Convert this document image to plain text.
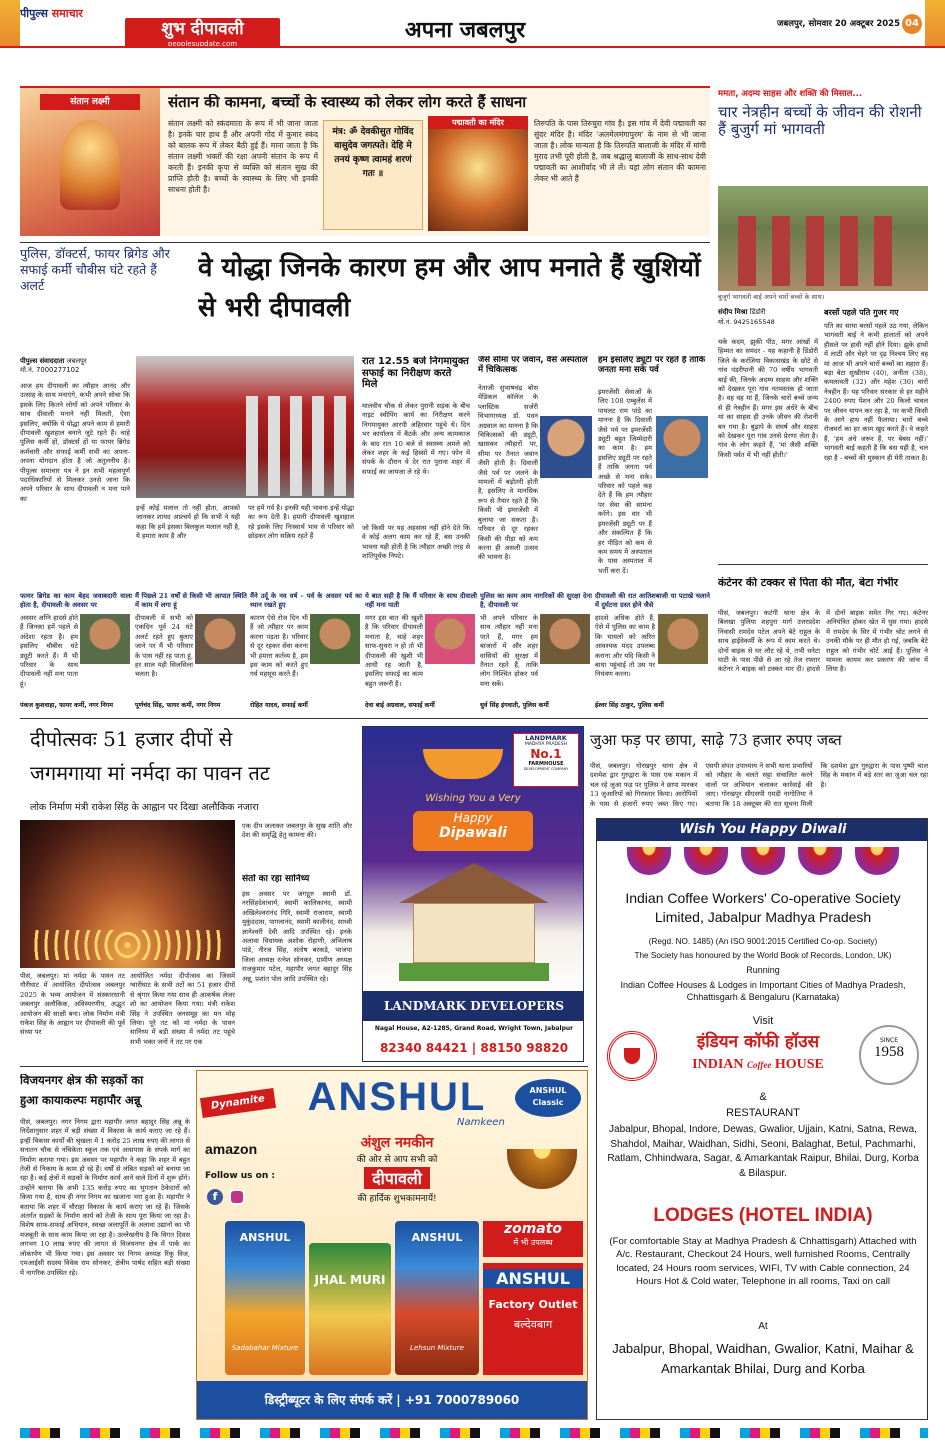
पीपुल्स समाचार
शुभ दीपावली
peoplesupdate.com
अपना जबलपुर	जबलपुर, सोमवार 20 अक्टूबर 2025 04
संतान लक्ष्मी	संतान की कामना, बच्चों के स्वास्थ्य को लेकर लोग करते हैं साधना
संतान लक्ष्मी को स्कंदमाता के रूप में भी जाना जाता है। इनके चार हाथ हैं और अपनी गोद में कुमार स्कंद को बालक रूप में लेकर बैठी हुई हैं। माना जाता है कि संतान लक्ष्मी भक्तों की रक्षा अपनी संतान के रूप में करती हैं। इनकी कृपा से व्यक्ति को संतान सुख की प्राप्ति होती है। बच्चों के स्वास्थ्य के लिए भी इनकी साधना होती है।
मंत्र: ॐ देवकीसुत गोविंद वासुदेव जगत्पते। देहि मे तनयं कृष्ण त्वामहं शरणं गतः ॥
पद्मावती का मंदिर	तिरुपति के पास तिरुचुरा गांव है। इस गांव में देवी पद्मावती का सुंदर मंदिर है। मंदिर 'अलमेलमंगापुरम' के नाम से भी जाना जाता है। लोक मान्यता है कि तिरुपति बालाजी के मंदिर में मांगी मुराद तभी पूरी होती है, जब श्रद्धालु बालाजी के साथ-साथ देवी पद्मावती का आशीर्वाद भी ले लें। यहां लोग संतान की कामना लेकर भी आते हैं
ममता, अदम्य साहस और शक्ति की मिसाल...
चार नेत्रहीन बच्चों के जीवन की रोशनी हैं बुजुर्ग मां भागवती
बुजुर्ग भागवती बाई अपने चारों बच्चों के साथ।
संदीप मिश्रा डिंडोरी
मो.नं. 9425165548
थके कदम, झुकी पीठ, मगर आंखों में हिम्मत का समंदर - यह कहानी है डिंडोरी जिले के करंजिया विकासखंड के छोटे से गांव पंडरीपानी की 70 वर्षीय भागवती बाई की, जिनके अदम्य साहस और शक्ति को देखकर पूरा गांव नतमस्तक हो जाता है। वह वह मां हैं, जिनके चारों बच्चे जन्म से ही नेत्रहीन हैं। मगर इस अंधेरे के बीच मां का साहस ही उनके जीवन की रोशनी बन गया है। बुढ़ापे के संघर्ष और साहस को देखकर पूरा गांव उनसे प्रेरणा लेता है। गांव के लोग कहते हैं, 'मां जैसी शक्ति किसी पर्वत में भी नहीं होती।'
बरसों पहले पति गुजर गए
पति का साया बरसों पहले उठ गया, लेकिन भागवती बाई ने कभी हालातों को अपने हौसले पर हावी नहीं होने दिया। झुके हाथों में लाठी और चेहरे पर दृढ़ निश्चय लिए वह मां आज भी अपने चारों बच्चों का सहारा हैं। बड़ा बेटा सुखीराम (40), अनीता (38), कमलावती (32) और महेश (30) चारों नेत्रहीन हैं। यह परिवार सरकार से हर महीने 2400 रुपए पेंशन और 20 किलो चावल पर जीवन यापन कर रहा है, पर कभी किसी के आगे हाथ नहीं फैलाया। चारों बच्चे रोजमर्रा का हर काम खुद करते हैं। वे कहते हैं, 'हम अंधे जरूर हैं, पर बेबस नहीं।' भागवती बाई कहती हैं कि बस यही है, चल रहा है - बच्चों की मुस्कान ही मेरी ताकत है।
पुलिस, डॉक्टर्स, फायर ब्रिगेड और सफाई कर्मी चौबीस घंटे रहते हैं अलर्ट
वे योद्धा जिनके कारण हम और आप मनाते हैं खुशियों से भरी दीपावली
पीपुल्स संवाददाता जबलपुर
मो.नं. 7000277102
आज हम दीपावली का त्यौहार आनंद और उत्साह के साथ मनाएंगे, कभी अपने सोचा कि इसके लिए कितने लोगों को अपने परिवार के साथ दीवाली मनाने नहीं मिलती, ऐसा इसलिए, क्योंकि ये योद्धा अपने काम से हमारी दीपावली खुशहाल बनाने जुटे रहते हैं। चाहे पुलिस कर्मी हों, डॉक्टर्स हों या फायर ब्रिगेड कर्मचारी और सफाई कर्मी सभी का अपना-अपना योगदान होता है जो अतुलनीय है। पीपुल्स समाचार पत्र ने इन सभी महत्वपूर्ण पदाधिकारियों से मिलकर उनसे जाना कि अपने परिवार के साथ दीपावली न मना पाने का
इन्हें कोई मलाल तो नहीं होता, आपको जानकर शायद आश्चर्य हो कि सभी ने यही कहा कि हमें इसका बिलकुल मलाल नहीं है, ये हमारा काम है और
पर हमें गर्व है। इनकी यही भावना इन्हें योद्धा का रूप देती है। हमारी दीपावली खुशहाल रहे इसके लिए निःस्वार्थ भाव से परिवार को छोड़कर लोग सक्रिय रहते हैं
रात 12.55 बजे निगमायुक्त सफाई का निरीक्षण करते मिले
मालवीय चौक से लेकर पुरानी सड़क के बीच नाइट स्वीपिंग कार्य का निरीक्षण करने निगमायुक्त आरपी अहिरवार पहुंचे थे। दिन भर कार्यालय में बैठकें और अन्य कामकाज के बाद रात 10 बजे से स्वास्थ्य अमले को लेकर शहर के कई हिस्सों में गए। फोन में संपर्क के दौरान वे देर रात पुराना शहर में सफाई का जायजा ले रहे थे।
जो किसी पर यह अहसास नहीं होने देते कि वे कोई अलग काम कर रहे हैं, बस उनकी भावना यही होती है कि त्यौहार अच्छी तरह से शांतिपूर्वक निपटे।
जैसे सीमा पर जवान, वैसे अस्पताल में चिकित्सक
नेताजी सुभाषचंद्र बोस मेडिकल कॉलेज के प्लास्टिक सर्जरी विभागाध्यक्ष डॉ. पवन अग्रवाल का मानना है कि चिकित्सकों की ड्यूटी, खासकर त्यौहारों पर, सीमा पर तैनात जवान जैसी होती है। दिवाली जैसे पर्व पर जलने के मामलों में बढ़ोतरी होती है, इसलिए वे मानसिक रूप से तैयार रहते हैं कि किसी भी इमरजेंसी में बुलाया जा सकता है। परिवार से दूर रहकर किसी की पीड़ा को कम करना ही असली उत्सव की भावना है।
हम इसलिए ड्यूटी पर रहते हैं ताकि जनता मना सके पर्व
इमरजेंसी सेवाओं के लिए 108 एम्बुलेंस में पायलट राम पांडे का मानना है कि दिवाली जैसे पर्व पर इमरजेंसी ड्यूटी बहुत जिम्मेदारी का काम है। हम इसलिए ड्यूटी पर रहते हैं ताकि जनता पर्व अच्छे से मना सके। परिवार को पहले कह देते हैं कि हम त्यौहार पर सेवा की सामना करेंगे। इस वार भी इमरजेंसी ड्यूटी पर हैं और संकल्पित हैं कि हर पीड़ित को कम से कम समय में अस्पताल के पास अस्पताल में भर्ती करा दें।
फायर ब्रिगेड का काम बेहद जवाबदारी वाला होता है, दीपावली के अवसर पर
अवसर अग्नि हादसे होते हैं जिनका हमें पहले से अंदेशा रहता है। हम इसलिए चौबीस घंटे ड्यूटी करते हैं। मैं भी परिवार के साथ दीपावली नहीं मना पाता हूं।
पंकज कुशवाहा, फायर कर्मी, नगर निगम
मैं पिछले 21 वर्षों से किसी भी आपात स्थिति में काम में लगा हूं
दीपावली में सभी को एकदिन पूर्व 24 घंटे अलर्ट रहते हुए बुलाए जाने पर मैं भी परिवार के पास नहीं रह पाता हूं, हर साल यही सिलसिला चलता है।
पूर्णचंद सिंह, फायर कर्मी, नगर निगम
मैंने उर्दू के नव वर्ष – पर्व के अवसर पर्व का ध्यान रखते हुए
कारण ऐसे रोज दिन भी हैं जो त्यौहार पर काम करना पड़ता है। परिवार से दूर रहकर सेवा करना भी हमारा कर्तव्य है, हम इस काम को करते हुए गर्व महसूस करते हैं।
रोहित यादव, सफाई कर्मी
ये बात सही है कि मैं परिवार के साथ दीवाली नहीं मना पाती
मगर इस बात की खुशी है कि परिवार दीपावली मनाता है, चाहे शहर साफ-सुथरा न हो तो भी दीपावली की खुशी भी आधी रह जाती है, इसलिए सफाई का काम बहुत जरूरी है।
देवा बाई अग्रवाल, सफाई कर्मी
पुलिस का काम आम नागरिकों की सुरक्षा देना है, दीपावली पर
भी अपने परिवार के साथ त्यौहार नहीं मना पाते हैं, मगर हम बाजारों में और शहर वासियों की सुरक्षा में तैनात रहते हैं, ताकि लोग निश्चिंत होकर पर्व मना सकें।
धुर्व सिंह इंगवाती, पुलिस कर्मी
दीपावली की रात आतिशबाजी या पटाखे चलाने में दुर्घटना ग्रस्त होने जैसे
हादसे अधिक होते हैं, ऐसे में पुलिस का काम है कि घायलों को त्वरित आवश्यक मदद उपलब्ध कराना और यदि किसी ने बाधा पहुंचाई तो उस पर नियंत्रण करना।
ईश्वर सिंह ठाकुर, पुलिस कर्मी
कंटेनर की टक्कर से पिता की मौत, बेटा गंभीर
पीसं, जबलपुर। कटंगी थाना क्षेत्र के बिलखा पुलिया शहपुरा मार्ग उत्तरप्रदेश निवासी रामदेव पटेल अपने बेटे राहुल के साथ हाईवेकर्मी के रूप में काम करते थे। दोनों बाइक से घर लौट रहे थे, तभी धनेटा घाटी के पास पीछे से आ रहे तेज रफ्तार कंटेनर ने बाइक को टक्कर मार दी। हादसे में दोनों बाइक समेत गिर गए। कंटेनर अनियंत्रित होकर खेत में घुस गया। हादसे में रामदेव के सिर में गंभीर चोट लगने से उनकी मौके पर ही मौत हो गई, जबकि बेटे राहुल को गंभीर चोटें आई हैं। पुलिस ने मामला कायम कर प्रकरण की जांच में लिया है।
दीपोत्सवः 51 हजार दीपों से
जगमगाया मां नर्मदा का पावन तट
लोक निर्माण मंत्री राकेश सिंह के आह्वान पर दिखा अलौकिक नजारा
पीसं, जबलपुर। मां नर्मदा के पावन तट गौरीघाट में आयोजित दीपोत्सव जबलपुर 2025 के भव्य आयोजन में संस्कारधानी जबलपुर अलौकिक, अविस्मरणीय, अद्भुत आयोजन की साक्षी बना। लोक निर्माण मंत्री राकेश सिंह के आह्वान पर दीपावली की पूर्व संध्या पर
आयोजित नर्मदा दीपोत्सव का जिसमें ग्वारीघाट के सभी तटों का 51 हजार दीपों से श्रृंगार किया गया साथ ही आकर्षक लेजर शो का आयोजन किया गया। मंत्री राकेश सिंह ने उपस्थित जनसमूह का मन मोह लिया। पूरे तट को मां नर्मदा के पावन सानिध्य में बड़ी संख्या में नर्मदा तट पहुंचे सभी भक्त जनों ने तट पर एक
एक दीप जलाकर जबलपुर के सुख शांति और देश की समृद्धि हेतु कामना की।
संतों का रहा सानिध्य
इस अवसर पर जगद्गुरु स्वामी डॉ. नरसिंहदेवाचार्य, स्वामी कालिकानंद, स्वामी अखिलेश्वरानंद गिरि, स्वामी राजाराम, स्वामी मुकुंददास, पागलानंद, स्वामी कालीनंद, साध्वी ज्ञानेश्वरी देवी आदि उपस्थित रहे। इनके अलावा विधायक अशोक रोहाणी, अभिलाष पांडे, नीरज सिंह, संतोष बरकड़े, भाजपा जिला अध्यक्ष रत्नेश सोनकर, ग्रामीण अध्यक्ष राजकुमार पटेल, महापौर जगत बहादुर सिंह अन्नू, प्रशांत पोल आदि उपस्थित रहे।
LANDMARK
MADHYA PRADESH
No.1
FARMHOUSE
DEVELOPMENT COMPANY
Wishing You a Very
Happy
Dipawali
LANDMARK DEVELOPERS
Nagal House, A2-1285, Grand Road, Wright Town, Jabalpur
82340 84421 | 88150 98820
जुआ फड़ पर छापा, साढ़े 73 हजार रुपए जब्त
पीसं, जबलपुर। गोरखपुर थाना क्षेत्र में दशमेश द्वार गुरुद्वारा के पास एक मकान में चल रहे जुआ फड़ पर पुलिस ने छापा मारकर 13 जुआरियों को गिरफ्तार किया। आरोपियों के पास से हजारों रुपए जब्त किए गए। एसपी संपत उपाध्याय ने सभी थाना प्रभारियों को त्यौहार के चलते सट्टा संचालित करने वालों पर अभियान चलाकर कार्रवाई की जाए। गोरखपुर सीएसपी एमडी नागोतिया ने बताया कि 18 अक्टूबर की रात सूचना मिली कि दशमेश द्वार गुरुद्वारा के पास पुष्पी चाल सिंह के मकान में बड़े स्तर का जुआ चल रहा है।
Wish You Happy Diwali

Indian Coffee Workers' Co-operative Society Limited, Jabalpur Madhya Pradesh
(Regd. NO. 1485) (An ISO 9001:2015 Certified Co-op. Society)
The Society has honoured by the World Book of Records, London, UK)
Running
Indian Coffee Houses & Lodges in Important Cities of Madhya Pradesh, Chhattisgarh & Bengaluru (Karnataka)
Visit
इंडियन कॉफी हॉउस
INDIAN Coffee HOUSE
SINCE
1958
&
RESTAURANT
Jabalpur, Bhopal, Indore, Dewas, Gwalior, Ujjain, Katni, Satna, Rewa, Shahdol, Maihar, Waidhan, Sidhi, Seoni, Balaghat, Betul, Pachmarhi, Ratlam, Chhindwara, Sagar, & Amarkantak Raipur, Bhilai, Durg, Korba & Bilaspur.
LODGES (HOTEL INDIA)
(For comfortable Stay at Madhya Pradesh & Chhattisgarh) Attached with A/c. Restaurant, Checkout 24 Hours, well furnished Rooms, Centrally located, 24 Hours room services, WIFI, TV with Cable connection, 24 Hours Hot & Cold water, Telephone in all rooms, Taxi on call
At
Jabalpur, Bhopal, Waidhan, Gwalior, Katni, Maihar & Amarkantak Bhilai, Durg and Korba
विजयनगर क्षेत्र की सड़कों का
हुआ कायाकल्पः महापौर अन्नू
पीसं, जबलपुर। नगर निगम द्वारा महापौर जगत बहादुर सिंह अन्नू के निर्देशानुसार शहर में बड़ी संख्या में विकास के कार्य कराए जा रहे हैं। इन्हीं विकास कार्यों की श्रृंखला में 1 करोड़ 25 लाख रुपए की लागत से सनातन चौक से नचिकेता स्कूल तक एवं आसपास के संपर्क मार्ग का निर्माण कराया गया। इस अवसर पर महापौर ने कहा कि शहर में बहुत तेजी से निकाय के काम हो रहे हैं। वर्षों से लंबित सड़कों को बनाया जा रहा है। कई क्षेत्रों में सड़कों के निर्माण कार्य आने वाले दिनों में शुरू होंगे। उन्होंने बताया कि अभी 135 करोड़ रुपए का भुगतान ठेकेदारों को किया गया है, साथ ही नगर निगम का खजाना भरा हुआ है। महापौर ने बताया कि शहर में चौराहा विकास के कार्य कराए जा रहे हैं। जिसके अंतर्गत सड़कों के निर्माण कार्य को तेजी के साथ पूरा किया जा रहा है। विशेष साफ-सफाई अभियान, स्वच्छ जलापूर्ति के अलावा उद्यानों का भी मजबूती के साथ काम किया जा रहा है। उल्लेखनीय है कि विगत दिवस लगभग 10 लाख रुपए की लागत से विजयनगर क्षेत्र में पार्क का लोकार्पण भी किया गया। इस अवसर पर निगम अध्यक्ष रिंकू विज, एमआईसी सदस्य विवेक राम सोनकर, क्षेत्रीय पार्षद सहित बड़ी संख्या में नागरिक उपस्थित रहे।
Dynamite ANSHUL	ANSHUL Classic
Namkeen
amazon
Follow us on :
f
अंशुल नमकीन
की ओर से आप सभी को
दीपावली
की हार्दिक शुभकामनायें!
ANSHUL
Sadabahar Mixture
JHAL MURI
ANSHUL
Lehsun Mixture
zomato
में भी उपलब्ध
ANSHUL
Factory Outlet
बल्देवबाग
डिस्ट्रीब्यूटर के लिए संपर्क करें | +91 7000789060
